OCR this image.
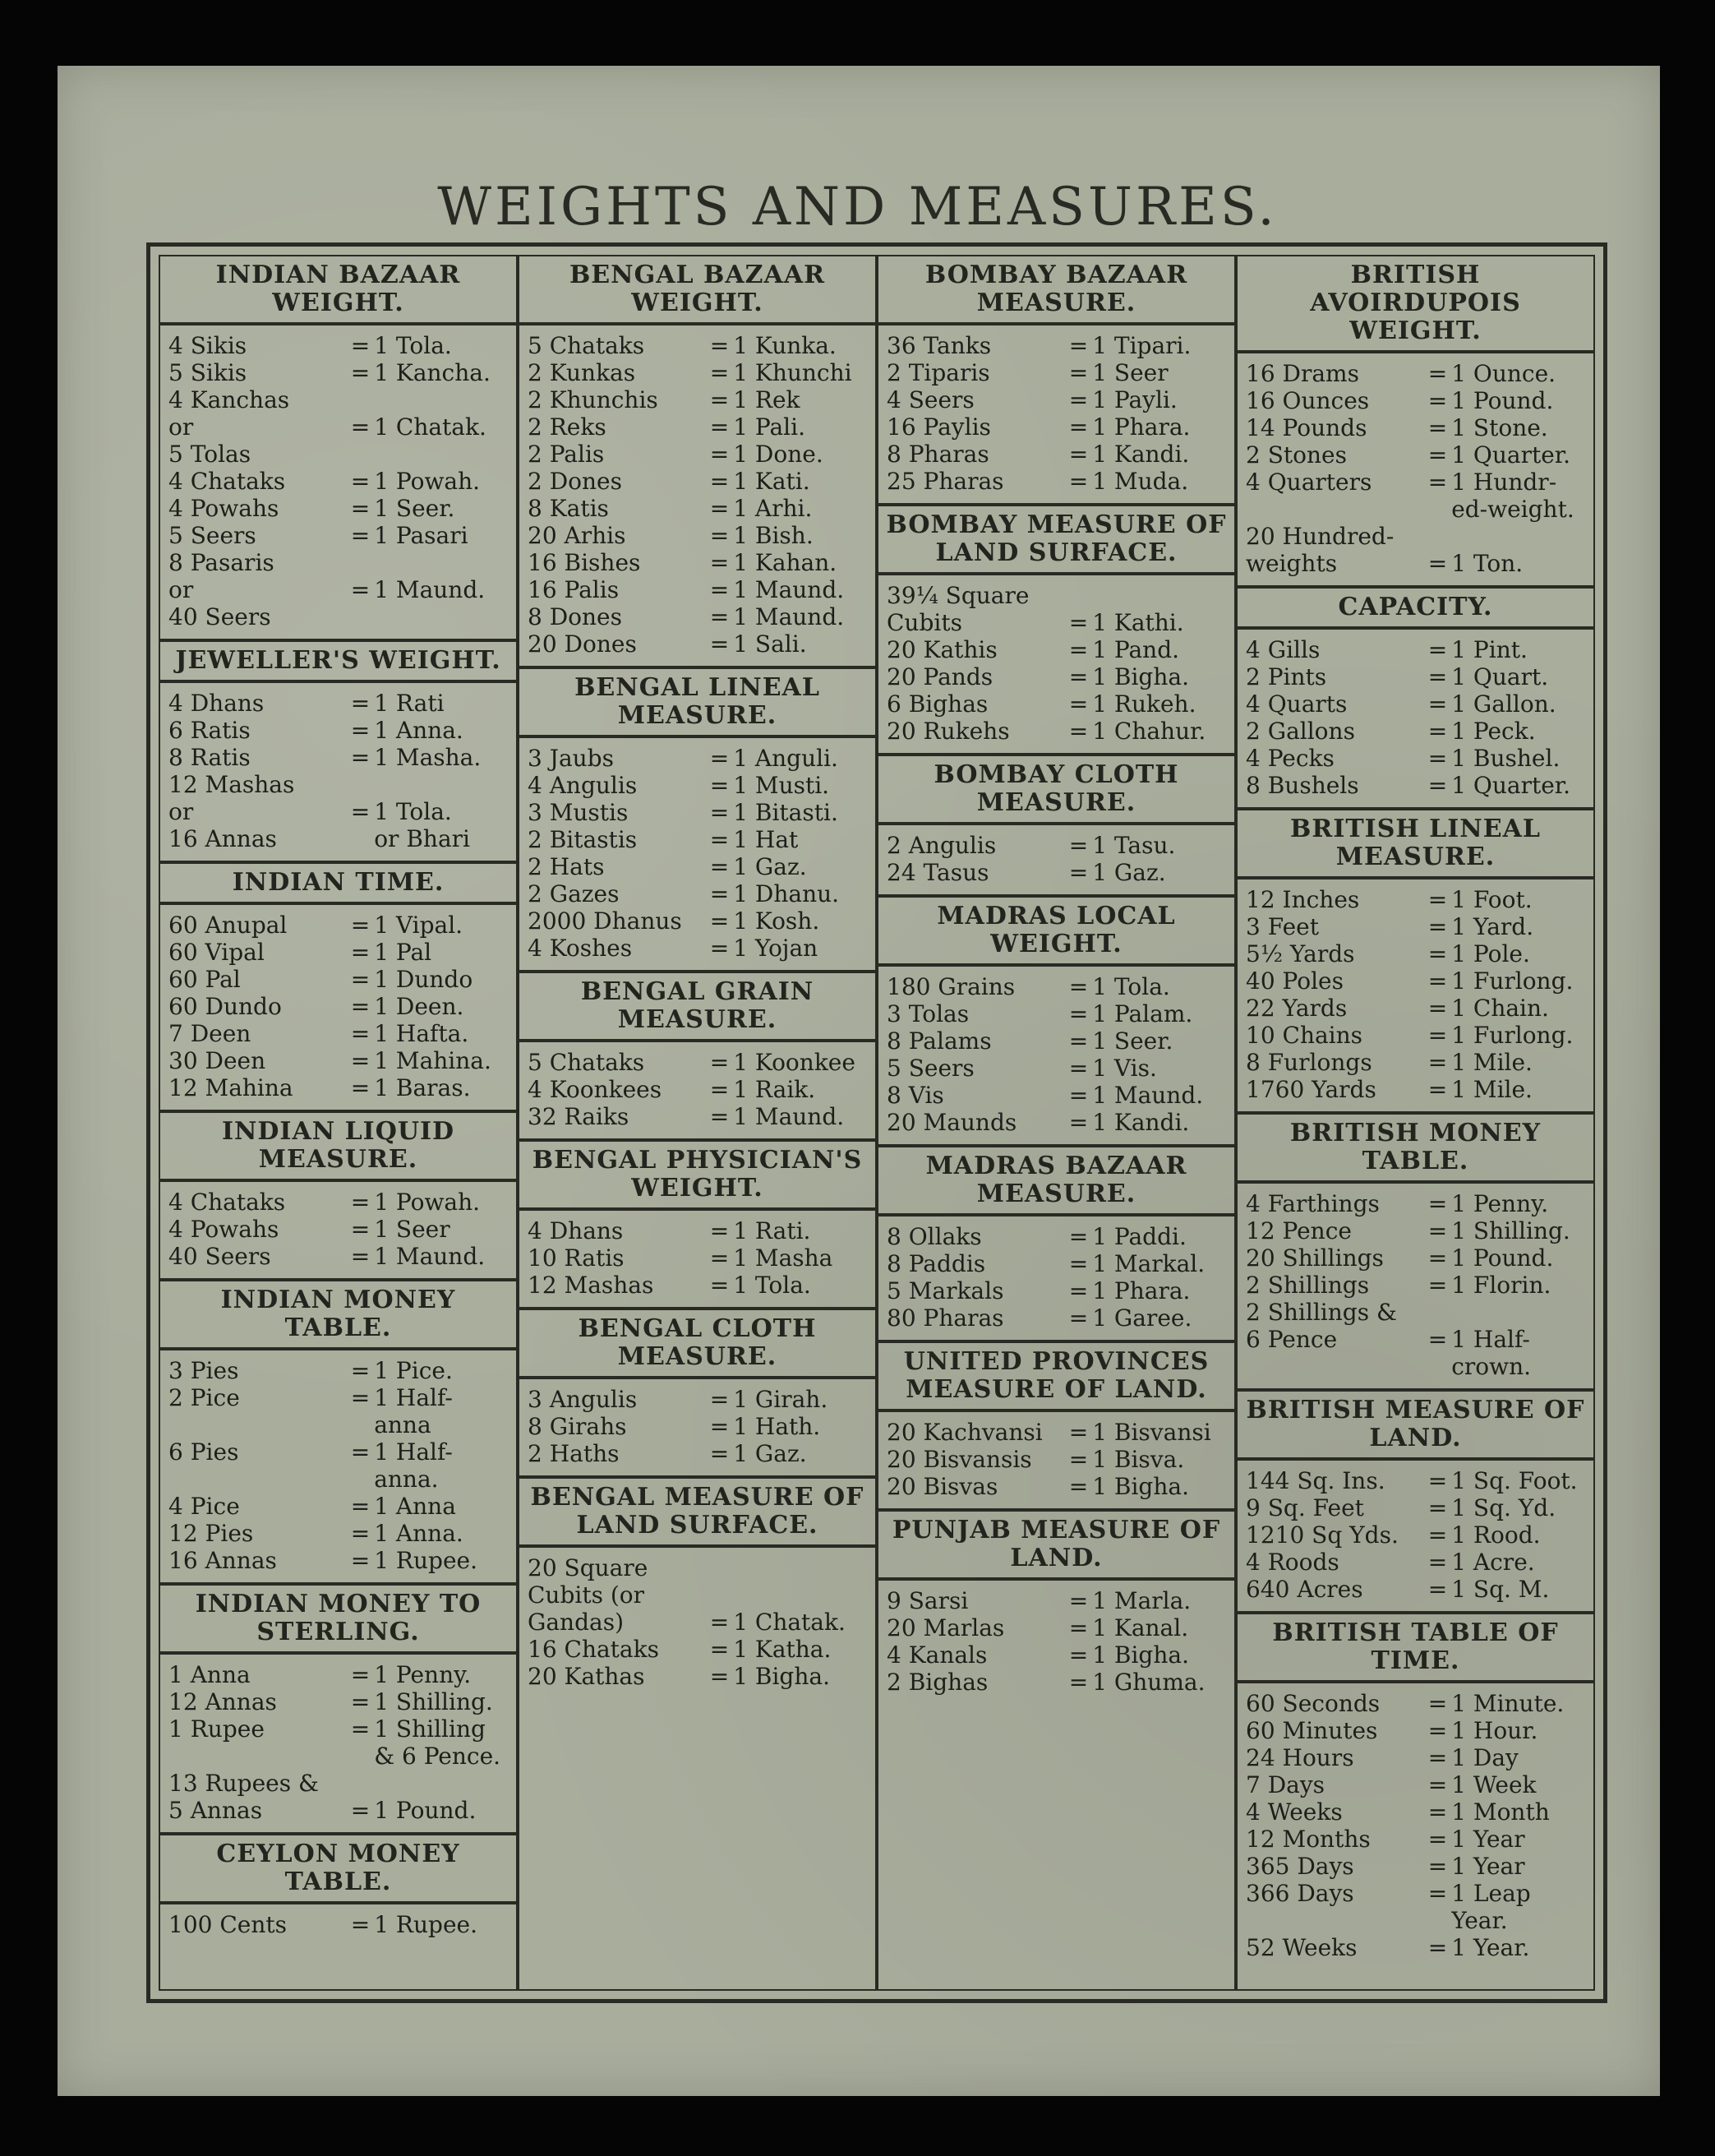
WEIGHTS AND MEASURES.
INDIAN BAZAAR WEIGHT.
4 Sikis	= 1 Tola.
5 Sikis	= 1 Kancha.
4 Kanchas
or	= 1 Chatak.
5 Tolas
4 Chataks	= 1 Powah.
4 Powahs	= 1 Seer.
5 Seers	= 1 Pasari
8 Pasaris
or	= 1 Maund.
40 Seers
JEWELLER'S WEIGHT.
4 Dhans	= 1 Rati
6 Ratis	= 1 Anna.
8 Ratis	= 1 Masha.
12 Mashas
or	= 1 Tola.
16 Annas	or Bhari
INDIAN TIME.
60 Anupal	= 1 Vipal.
60 Vipal	= 1 Pal
60 Pal	= 1 Dundo
60 Dundo	= 1 Deen.
7 Deen	= 1 Hafta.
30 Deen	= 1 Mahina.
12 Mahina	= 1 Baras.
INDIAN LIQUID MEASURE.
4 Chataks	= 1 Powah.
4 Powahs	= 1 Seer
40 Seers	= 1 Maund.
INDIAN MONEY TABLE.
3 Pies	= 1 Pice.
2 Pice	= 1 Half-
anna
6 Pies	= 1 Half-
anna.
4 Pice	= 1 Anna
12 Pies	= 1 Anna.
16 Annas	= 1 Rupee.
INDIAN MONEY TO STERLING.
1 Anna	= 1 Penny.
12 Annas	= 1 Shilling.
1 Rupee	= 1 Shilling
& 6 Pence.
13 Rupees &
5 Annas	= 1 Pound.
CEYLON MONEY TABLE.
100 Cents	= 1 Rupee.
BENGAL BAZAAR WEIGHT.
5 Chataks	= 1 Kunka.
2 Kunkas	= 1 Khunchi
2 Khunchis	= 1 Rek
2 Reks	= 1 Pali.
2 Palis	= 1 Done.
2 Dones	= 1 Kati.
8 Katis	= 1 Arhi.
20 Arhis	= 1 Bish.
16 Bishes	= 1 Kahan.
16 Palis	= 1 Maund.
8 Dones	= 1 Maund.
20 Dones	= 1 Sali.
BENGAL LINEAL MEASURE.
3 Jaubs	= 1 Anguli.
4 Angulis	= 1 Musti.
3 Mustis	= 1 Bitasti.
2 Bitastis	= 1 Hat
2 Hats	= 1 Gaz.
2 Gazes	= 1 Dhanu.
2000 Dhanus	= 1 Kosh.
4 Koshes	= 1 Yojan
BENGAL GRAIN MEASURE.
5 Chataks	= 1 Koonkee
4 Koonkees	= 1 Raik.
32 Raiks	= 1 Maund.
BENGAL PHYSICIAN'S WEIGHT.
4 Dhans	= 1 Rati.
10 Ratis	= 1 Masha
12 Mashas	= 1 Tola.
BENGAL CLOTH MEASURE.
3 Angulis	= 1 Girah.
8 Girahs	= 1 Hath.
2 Haths	= 1 Gaz.
BENGAL MEASURE OF LAND SURFACE.
20 Square
Cubits (or
Gandas)	= 1 Chatak.
16 Chataks	= 1 Katha.
20 Kathas	= 1 Bigha.
BOMBAY BAZAAR MEASURE.
36 Tanks	= 1 Tipari.
2 Tiparis	= 1 Seer
4 Seers	= 1 Payli.
16 Paylis	= 1 Phara.
8 Pharas	= 1 Kandi.
25 Pharas	= 1 Muda.
BOMBAY MEASURE OF LAND SURFACE.
39¼ Square
Cubits	= 1 Kathi.
20 Kathis	= 1 Pand.
20 Pands	= 1 Bigha.
6 Bighas	= 1 Rukeh.
20 Rukehs	= 1 Chahur.
BOMBAY CLOTH MEASURE.
2 Angulis	= 1 Tasu.
24 Tasus	= 1 Gaz.
MADRAS LOCAL WEIGHT.
180 Grains	= 1 Tola.
3 Tolas	= 1 Palam.
8 Palams	= 1 Seer.
5 Seers	= 1 Vis.
8 Vis	= 1 Maund.
20 Maunds	= 1 Kandi.
MADRAS BAZAAR MEASURE.
8 Ollaks	= 1 Paddi.
8 Paddis	= 1 Markal.
5 Markals	= 1 Phara.
80 Pharas	= 1 Garee.
UNITED PROVINCES MEASURE OF LAND.
20 Kachvansi	= 1 Bisvansi
20 Bisvansis	= 1 Bisva.
20 Bisvas	= 1 Bigha.
PUNJAB MEASURE OF LAND.
9 Sarsi	= 1 Marla.
20 Marlas	= 1 Kanal.
4 Kanals	= 1 Bigha.
2 Bighas	= 1 Ghuma.
BRITISH AVOIRDUPOIS WEIGHT.
16 Drams	= 1 Ounce.
16 Ounces	= 1 Pound.
14 Pounds	= 1 Stone.
2 Stones	= 1 Quarter.
4 Quarters	= 1 Hundr-
ed-weight.
20 Hundred-
weights	= 1 Ton.
CAPACITY.
4 Gills	= 1 Pint.
2 Pints	= 1 Quart.
4 Quarts	= 1 Gallon.
2 Gallons	= 1 Peck.
4 Pecks	= 1 Bushel.
8 Bushels	= 1 Quarter.
BRITISH LINEAL MEASURE.
12 Inches	= 1 Foot.
3 Feet	= 1 Yard.
5½ Yards	= 1 Pole.
40 Poles	= 1 Furlong.
22 Yards	= 1 Chain.
10 Chains	= 1 Furlong.
8 Furlongs	= 1 Mile.
1760 Yards	= 1 Mile.
BRITISH MONEY TABLE.
4 Farthings	= 1 Penny.
12 Pence	= 1 Shilling.
20 Shillings	= 1 Pound.
2 Shillings	= 1 Florin.
2 Shillings &
6 Pence	= 1 Half-
crown.
BRITISH MEASURE OF LAND.
144 Sq. Ins.	= 1 Sq. Foot.
9 Sq. Feet	= 1 Sq. Yd.
1210 Sq Yds.	= 1 Rood.
4 Roods	= 1 Acre.
640 Acres	= 1 Sq. M.
BRITISH TABLE OF TIME.
60 Seconds	= 1 Minute.
60 Minutes	= 1 Hour.
24 Hours	= 1 Day
7 Days	= 1 Week
4 Weeks	= 1 Month
12 Months	= 1 Year
365 Days	= 1 Year
366 Days	= 1 Leap
Year.
52 Weeks	= 1 Year.
